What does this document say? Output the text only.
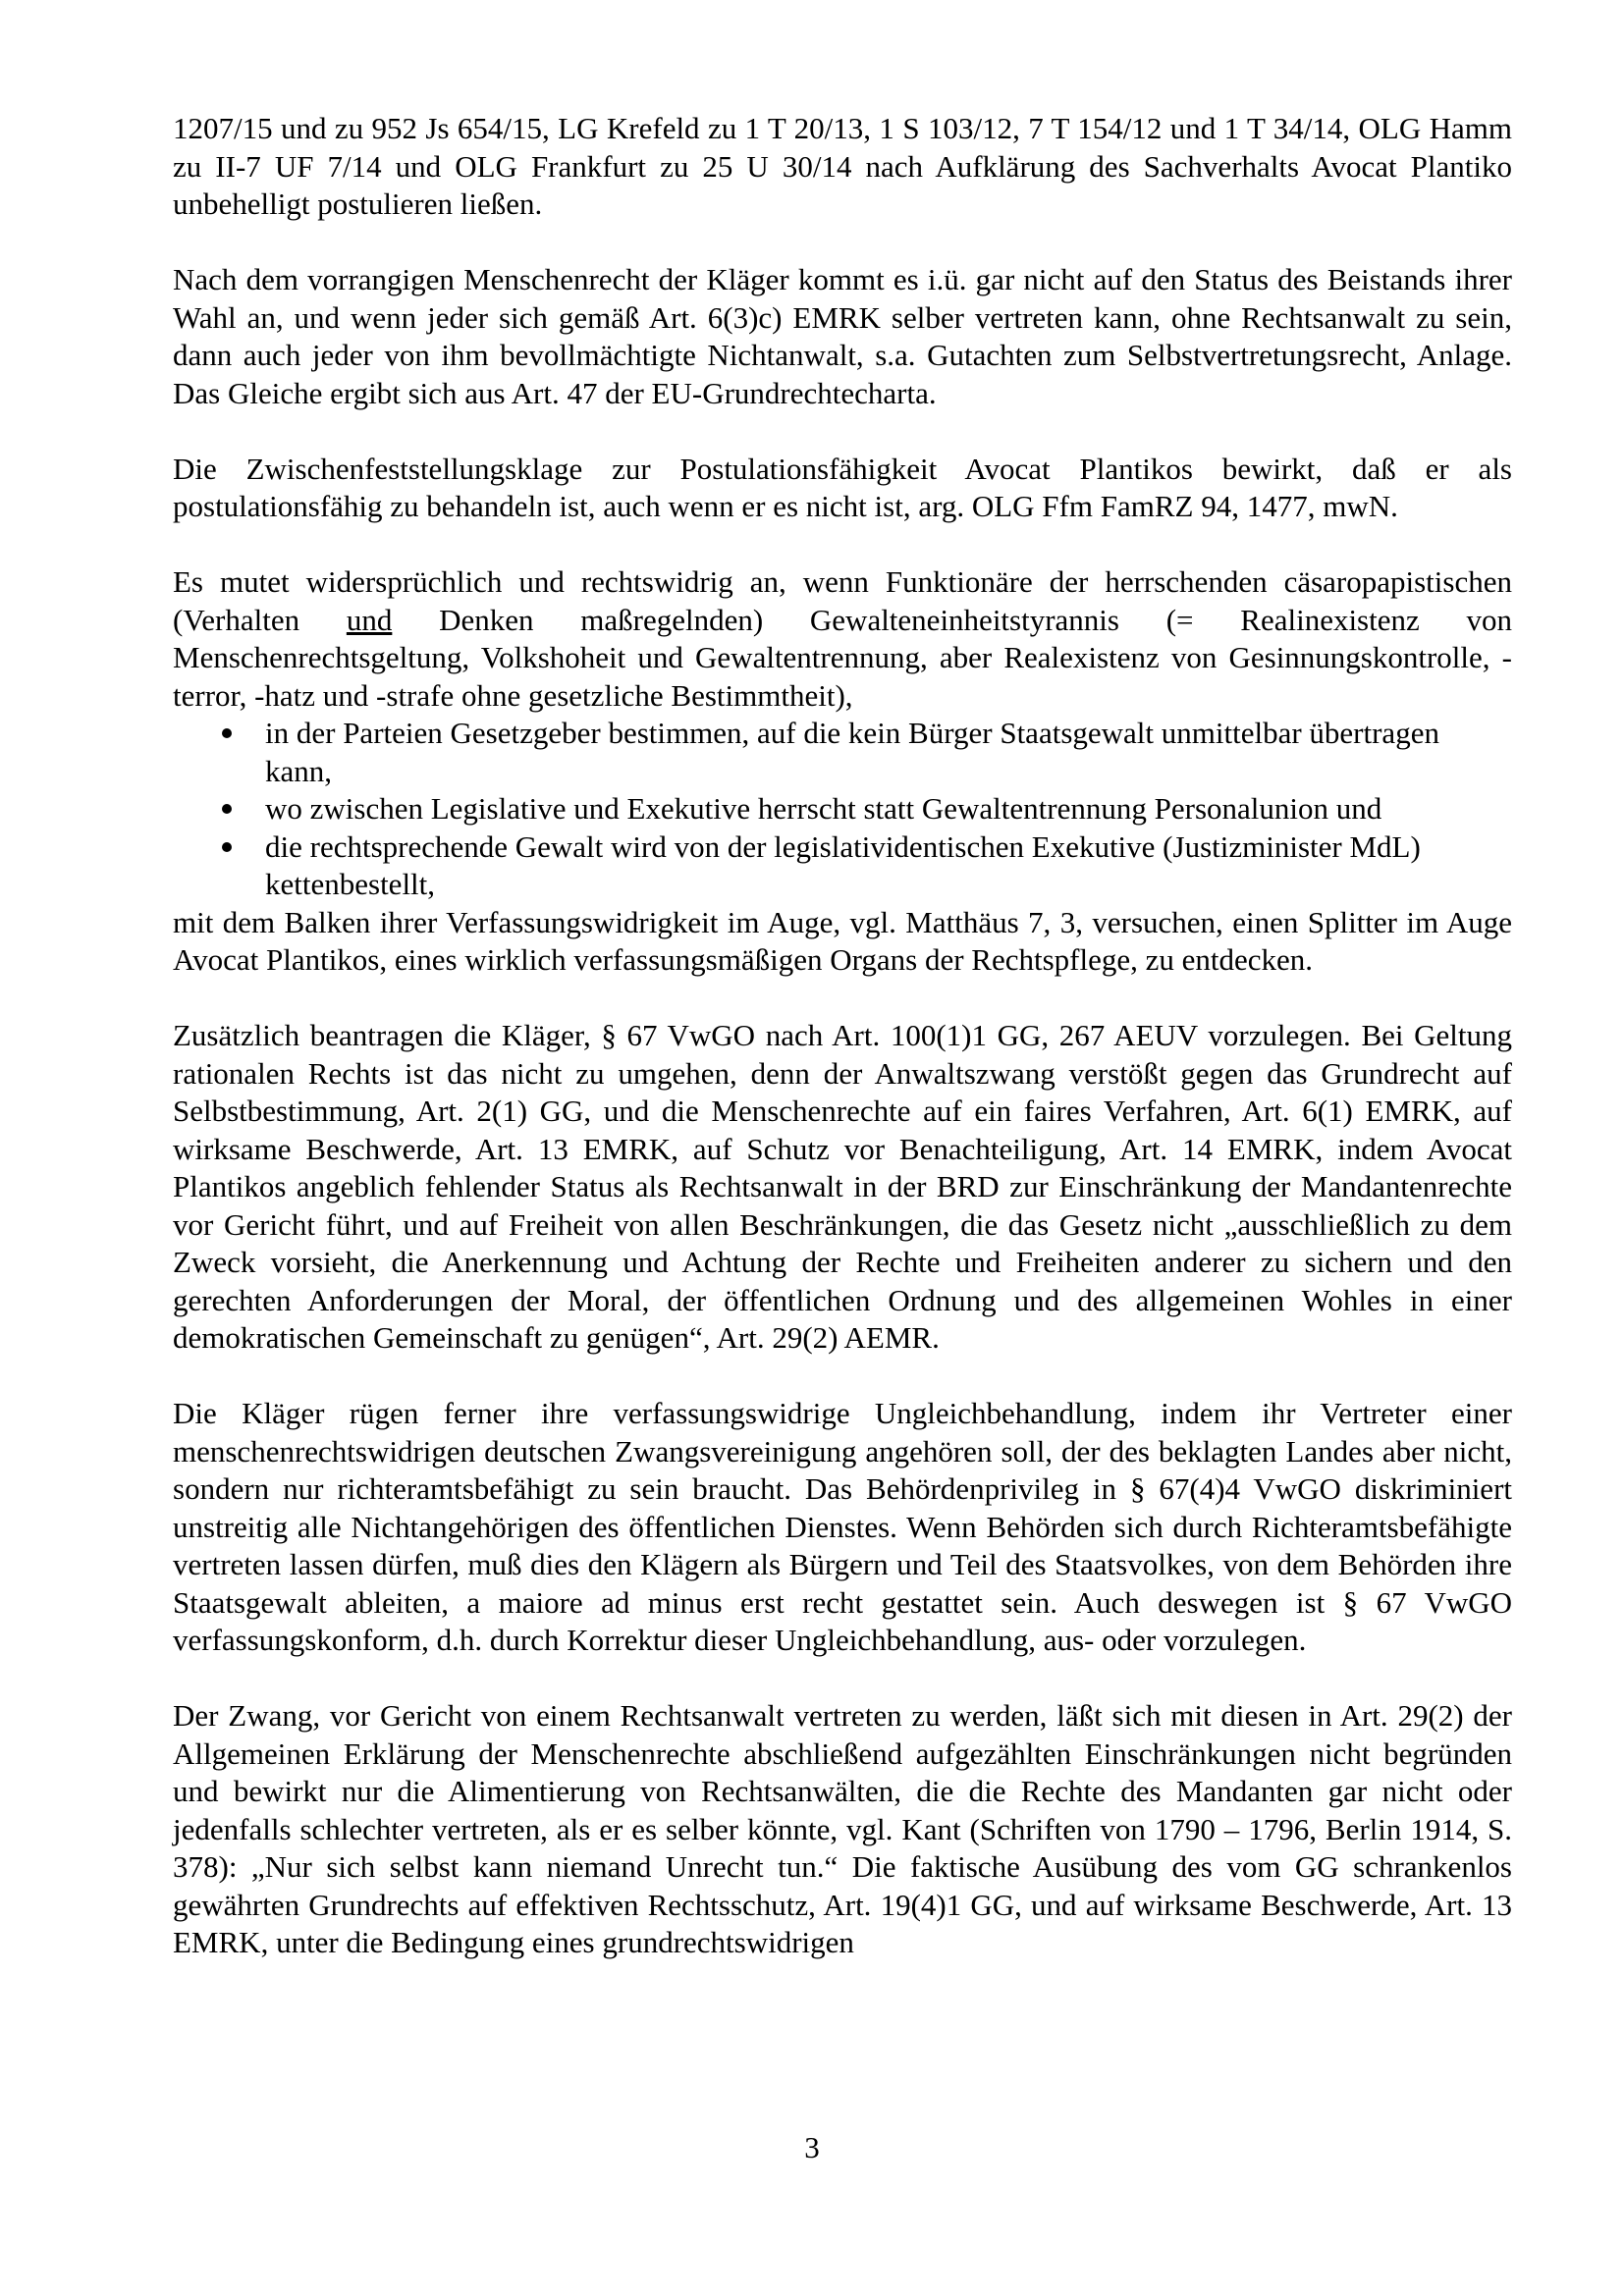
1207/15 und zu 952 Js 654/15, LG Krefeld zu 1 T 20/13, 1 S 103/12, 7 T 154/12 und 1 T 34/14, OLG Hamm zu II-7 UF 7/14 und OLG Frankfurt zu 25 U 30/14 nach Aufklärung des Sachverhalts Avocat Plantiko unbehelligt postulieren ließen.

Nach dem vorrangigen Menschenrecht der Kläger kommt es i.ü. gar nicht auf den Status des Beistands ihrer Wahl an, und wenn jeder sich gemäß Art. 6(3)c) EMRK selber vertreten kann, ohne Rechtsanwalt zu sein, dann auch jeder von ihm bevollmächtigte Nichtanwalt, s.a. Gutachten zum Selbstvertretungsrecht, Anlage. Das Gleiche ergibt sich aus Art. 47 der EU-Grundrechtecharta.

Die Zwischenfeststellungsklage zur Postulationsfähigkeit Avocat Plantikos bewirkt, daß er als postulationsfähig zu behandeln ist, auch wenn er es nicht ist, arg. OLG Ffm FamRZ 94, 1477, mwN.

Es mutet widersprüchlich und rechtswidrig an, wenn Funktionäre der herrschenden cäsaropapistischen (Verhalten und Denken maßregelnden) Gewalteneinheitstyrannis (= Realinexistenz von Menschenrechtsgeltung, Volkshoheit und Gewaltentrennung, aber Realexistenz von Gesinnungskontrolle, -terror, -hatz und -strafe ohne gesetzliche Bestimmtheit),

in der Parteien Gesetzgeber bestimmen, auf die kein Bürger Staatsgewalt unmittelbar übertragen kann,
wo zwischen Legislative und Exekutive herrscht statt Gewaltentrennung Personalunion und
die rechtsprechende Gewalt wird von der legislatividentischen Exekutive (Justizminister MdL) kettenbestellt,

mit dem Balken ihrer Verfassungswidrigkeit im Auge, vgl. Matthäus 7, 3, versuchen, einen Splitter im Auge Avocat Plantikos, eines wirklich verfassungsmäßigen Organs der Rechtspflege, zu entdecken.

Zusätzlich beantragen die Kläger, § 67 VwGO nach Art. 100(1)1 GG, 267 AEUV vorzulegen. Bei Geltung rationalen Rechts ist das nicht zu umgehen, denn der Anwaltszwang verstößt gegen das Grundrecht auf Selbstbestimmung, Art. 2(1) GG, und die Menschenrechte auf ein faires Verfahren, Art. 6(1) EMRK, auf wirksame Beschwerde, Art. 13 EMRK, auf Schutz vor Benachteiligung, Art. 14 EMRK, indem Avocat Plantikos angeblich fehlender Status als Rechtsanwalt in der BRD zur Einschränkung der Mandantenrechte vor Gericht führt, und auf Freiheit von allen Beschränkungen, die das Gesetz nicht „ausschließlich zu dem Zweck vorsieht, die Anerkennung und Achtung der Rechte und Freiheiten anderer zu sichern und den gerechten Anforderungen der Moral, der öffentlichen Ordnung und des allgemeinen Wohles in einer demokratischen Gemeinschaft zu genügen“, Art. 29(2) AEMR.

Die Kläger rügen ferner ihre verfassungswidrige Ungleichbehandlung, indem ihr Vertreter einer menschenrechtswidrigen deutschen Zwangsvereinigung angehören soll, der des beklagten Landes aber nicht, sondern nur richteramtsbefähigt zu sein braucht. Das Behördenprivileg in § 67(4)4 VwGO diskriminiert unstreitig alle Nichtangehörigen des öffentlichen Dienstes. Wenn Behörden sich durch Richteramtsbefähigte vertreten lassen dürfen, muß dies den Klägern als Bürgern und Teil des Staatsvolkes, von dem Behörden ihre Staatsgewalt ableiten, a maiore ad minus erst recht gestattet sein. Auch deswegen ist § 67 VwGO verfassungskonform, d.h. durch Korrektur dieser Ungleichbehandlung, aus- oder vorzulegen.

Der Zwang, vor Gericht von einem Rechtsanwalt vertreten zu werden, läßt sich mit diesen in Art. 29(2) der Allgemeinen Erklärung der Menschenrechte abschließend aufgezählten Einschränkungen nicht begründen und bewirkt nur die Alimentierung von Rechtsanwälten, die die Rechte des Mandanten gar nicht oder jedenfalls schlechter vertreten, als er es selber könnte, vgl. Kant (Schriften von 1790 – 1796, Berlin 1914, S. 378): „Nur sich selbst kann niemand Unrecht tun.“ Die faktische Ausübung des vom GG schrankenlos gewährten Grundrechts auf effektiven Rechtsschutz, Art. 19(4)1 GG, und auf wirksame Beschwerde, Art. 13 EMRK, unter die Bedingung eines grundrechtswidrigen

3
